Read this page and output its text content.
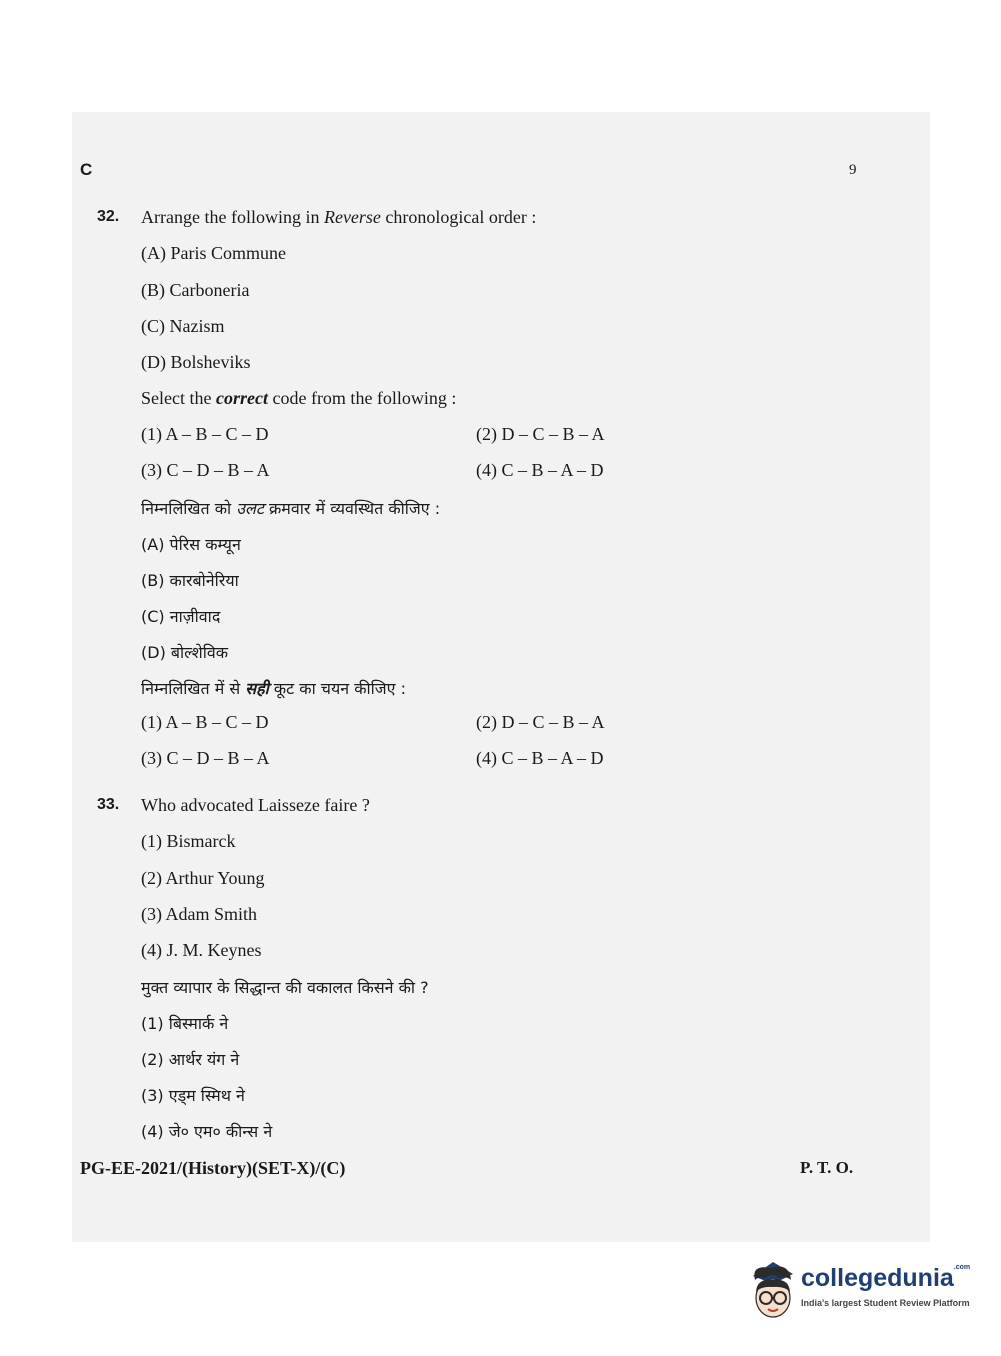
C	9
32. Arrange the following in Reverse chronological order :
(A) Paris Commune
(B) Carboneria
(C) Nazism
(D) Bolsheviks
Select the correct code from the following :
(1) A – B – C – D	(2) D – C – B – A
(3) C – D – B – A	(4) C – B – A – D
निम्नलिखित को उलट क्रमवार में व्यवस्थित कीजिए :
(A) पेरिस कम्यून
(B) कारबोनेरिया
(C) नाज़ीवाद
(D) बोल्शेविक
निम्नलिखित में से सही कूट का चयन कीजिए :
(1) A – B – C – D	(2) D – C – B – A
(3) C – D – B – A	(4) C – B – A – D
33. Who advocated Laisseze faire ?
(1) Bismarck
(2) Arthur Young
(3) Adam Smith
(4) J. M. Keynes
मुक्त व्यापार के सिद्धान्त की वकालत किसने की ?
(1) बिस्मार्क ने
(2) आर्थर यंग ने
(3) एड्म स्मिथ ने
(4) जे० एम० कीन्स ने
PG-EE-2021/(History)(SET-X)/(C)	P. T. O.
collegedunia$^{.com}$
India's largest Student Review Platform
